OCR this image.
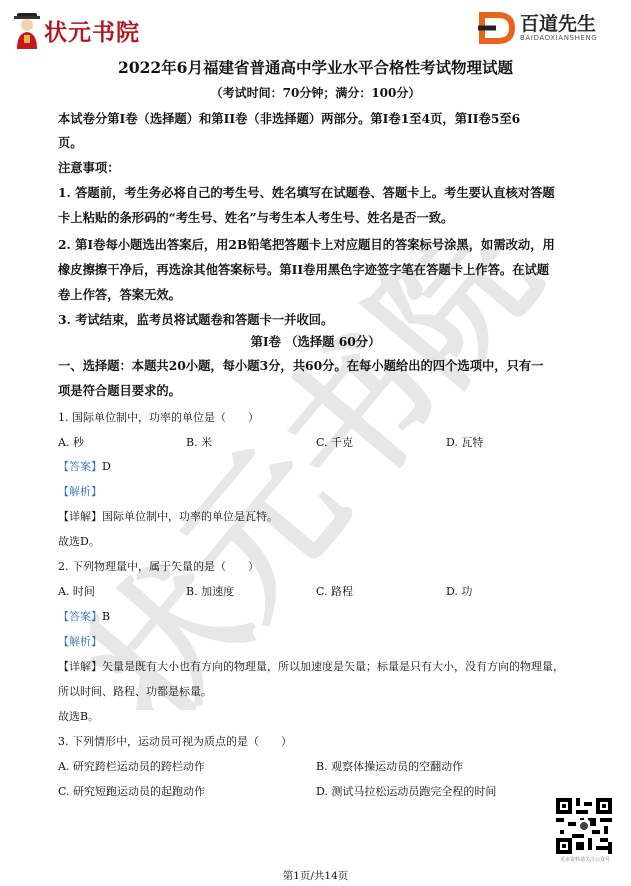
状元书院	百道先生
BAIDAOXIANSHENG
状元书院
2022年6月福建省普通高中学业水平合格性考试物理试题
（考试时间：70分钟；满分：100分）
本试卷分第I卷（选择题）和第II卷（非选择题）两部分。第I卷1至4页，第II卷5至6
页。
注意事项：
1. 答题前，考生务必将自己的考生号、姓名填写在试题卷、答题卡上。考生要认直核对答题
卡上粘贴的条形码的“考生号、姓名”与考生本人考生号、姓名是否一致。
2. 第I卷每小题选出答案后，用2B铅笔把答题卡上对应题目的答案标号涂黑，如需改动，用
橡皮擦擦干净后，再选涂其他答案标号。第II卷用黑色字迹签字笔在答题卡上作答。在试题
卷上作答，答案无效。
3. 考试结束，监考员将试题卷和答题卡一并收回。
第I卷 （选择题 60分）
一、选择题：本题共20小题，每小题3分，共60分。在每小题给出的四个选项中，只有一
项是符合题目要求的。
1. 国际单位制中，功率的单位是（　　）
A. 秒	B. 米	C. 千克	D. 瓦特
【答案】D
【解析】
【详解】国际单位制中，功率的单位是瓦特。
故选D。
2. 下列物理量中，属于矢量的是（　　）
A. 时间	B. 加速度	C. 路程	D. 功
【答案】B
【解析】
【详解】矢量是既有大小也有方向的物理量，所以加速度是矢量；标量是只有大小，没有方向的物理量，
所以时间、路程、功都是标量。
故选B。
3. 下列情形中，运动员可视为质点的是（　　）
A. 研究跨栏运动员的跨栏动作	B. 观察体操运动员的空翻动作
C. 研究短跑运动员的起跑动作	D. 测试马拉松运动员跑完全程的时间
更多资料请关注公众号
第1页/共14页
